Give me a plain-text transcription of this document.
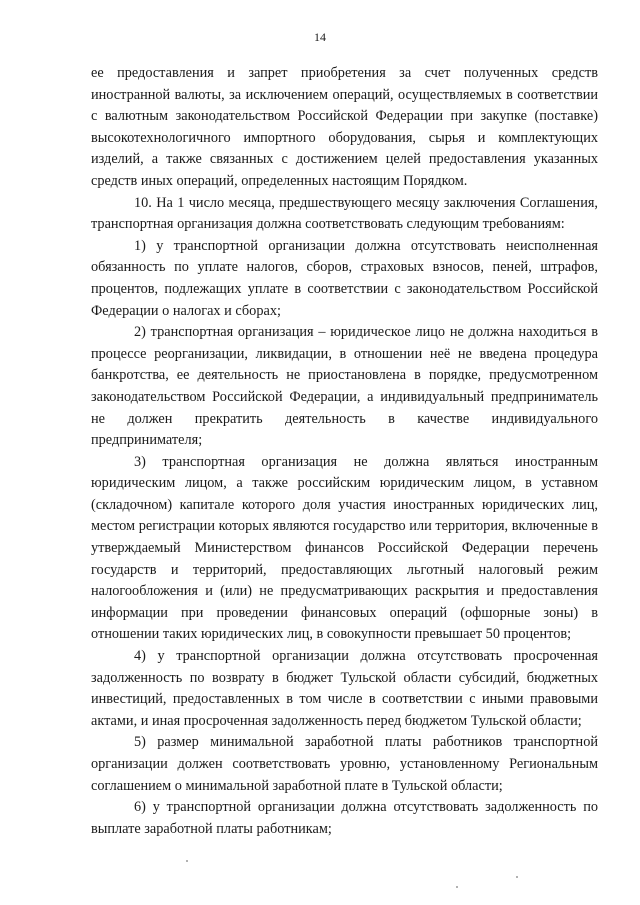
14

ее предоставления и запрет приобретения за счет полученных средств иностранной валюты, за исключением операций, осуществляемых в соответствии с валютным законодательством Российской Федерации при закупке (поставке) высокотехнологичного импортного оборудования, сырья и комплектующих изделий, а также связанных с достижением целей предоставления указанных средств иных операций, определенных настоящим Порядком.

10. На 1 число месяца, предшествующего месяцу заключения Соглашения, транспортная организация должна соответствовать следующим требованиям:

1) у транспортной организации должна отсутствовать неисполненная обязанность по уплате налогов, сборов, страховых взносов, пеней, штрафов, процентов, подлежащих уплате в соответствии с законодательством Российской Федерации о налогах и сборах;

2) транспортная организация – юридическое лицо не должна находиться в процессе реорганизации, ликвидации, в отношении неё не введена процедура банкротства, ее деятельность не приостановлена в порядке, предусмотренном законодательством Российской Федерации, а индивидуальный предприниматель не должен прекратить деятельность в качестве индивидуального предпринимателя;

3) транспортная организация не должна являться иностранным юридическим лицом, а также российским юридическим лицом, в уставном (складочном) капитале которого доля участия иностранных юридических лиц, местом регистрации которых являются государство или территория, включенные в утверждаемый Министерством финансов Российской Федерации перечень государств и территорий, предоставляющих льготный налоговый режим налогообложения и (или) не предусматривающих раскрытия и предоставления информации при проведении финансовых операций (офшорные зоны) в отношении таких юридических лиц, в совокупности превышает 50 процентов;

4) у транспортной организации должна отсутствовать просроченная задолженность по возврату в бюджет Тульской области субсидий, бюджетных инвестиций, предоставленных в том числе в соответствии с иными правовыми актами, и иная просроченная задолженность перед бюджетом Тульской области;

5) размер минимальной заработной платы работников транспортной организации должен соответствовать уровню, установленному Региональным соглашением о минимальной заработной плате в Тульской области;

6) у транспортной организации должна отсутствовать задолженность по выплате заработной платы работникам;
